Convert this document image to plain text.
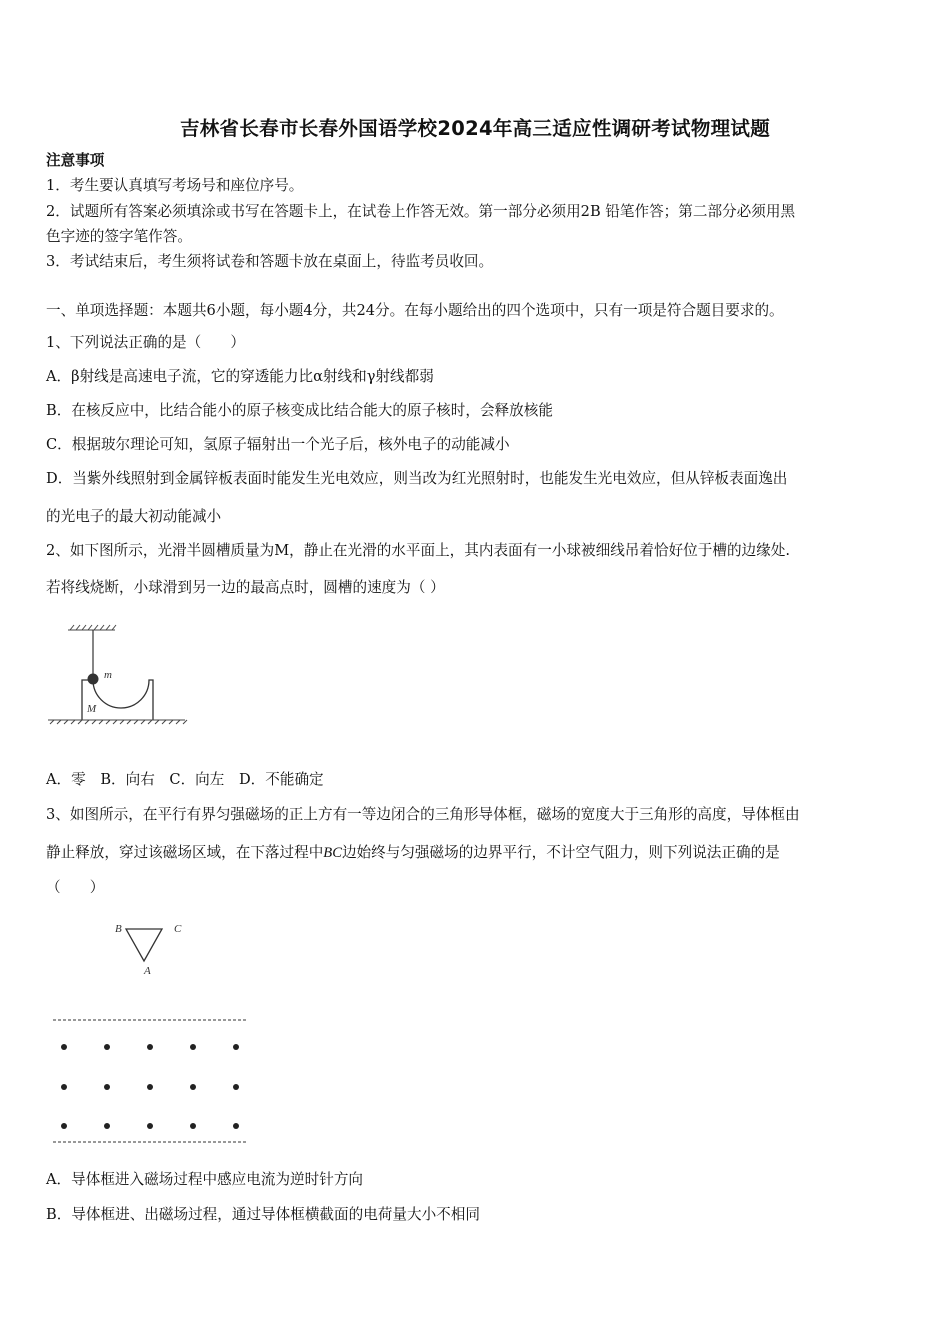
吉林省长春市长春外国语学校2024年高三适应性调研考试物理试题
注意事项
1．考生要认真填写考场号和座位序号。
2．试题所有答案必须填涂或书写在答题卡上，在试卷上作答无效。第一部分必须用2B 铅笔作答；第二部分必须用黑
色字迹的签字笔作答。
3．考试结束后，考生须将试卷和答题卡放在桌面上，待监考员收回。
一、单项选择题：本题共6小题，每小题4分，共24分。在每小题给出的四个选项中，只有一项是符合题目要求的。
1、下列说法正确的是（　　）
A．β射线是高速电子流，它的穿透能力比α射线和γ射线都弱
B．在核反应中，比结合能小的原子核变成比结合能大的原子核时，会释放核能
C．根据玻尔理论可知，氢原子辐射出一个光子后，核外电子的动能减小
D．当紫外线照射到金属锌板表面时能发生光电效应，则当改为红光照射时，也能发生光电效应，但从锌板表面逸出
的光电子的最大初动能减小
2、如下图所示，光滑半圆槽质量为M，静止在光滑的水平面上，其内表面有一小球被细线吊着恰好位于槽的边缘处.
若将线烧断，小球滑到另一边的最高点时，圆槽的速度为（ ）
m
M
A．零　B．向右　C．向左　D．不能确定
3、如图所示，在平行有界匀强磁场的正上方有一等边闭合的三角形导体框，磁场的宽度大于三角形的高度，导体框由
静止释放，穿过该磁场区域，在下落过程中BC边始终与匀强磁场的边界平行，不计空气阻力，则下列说法正确的是
（　　）
B	C
A
A．导体框进入磁场过程中感应电流为逆时针方向
B．导体框进、出磁场过程，通过导体框横截面的电荷量大小不相同
